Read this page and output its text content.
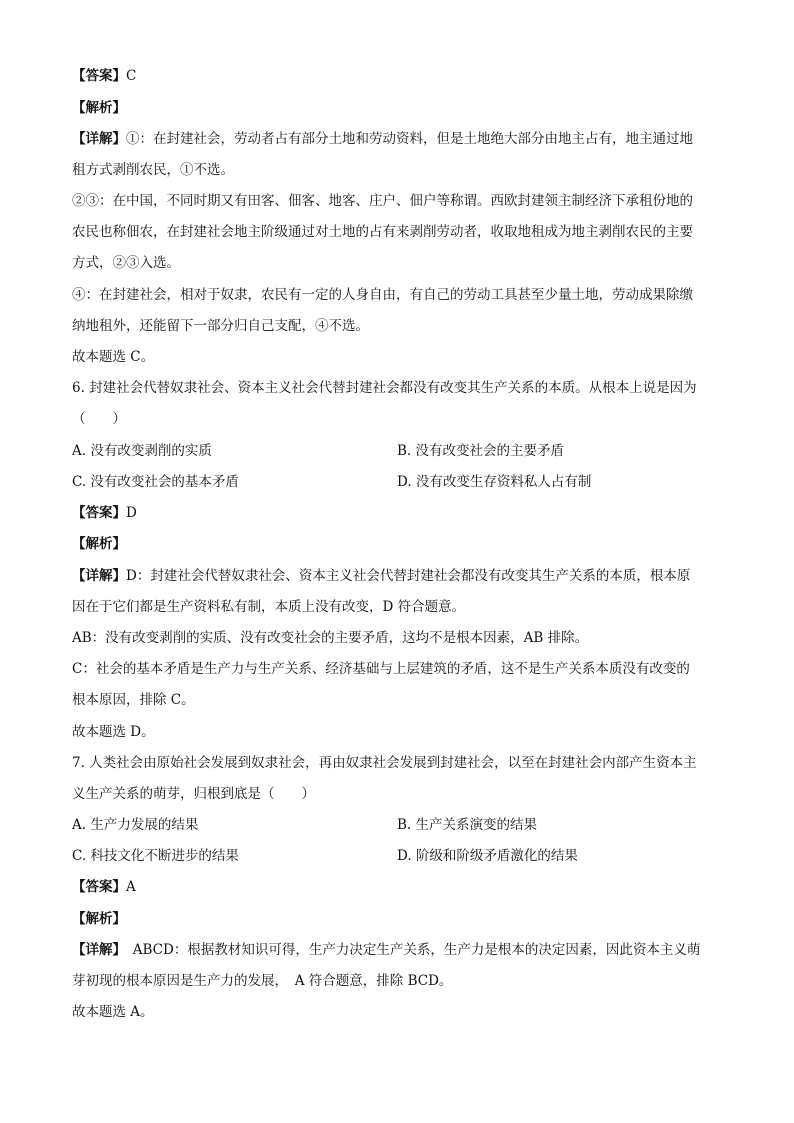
【答案】C
【解析】
【详解】①：在封建社会，劳动者占有部分土地和劳动资料，但是土地绝大部分由地主占有，地主通过地
租方式剥削农民，①不选。
②③：在中国，不同时期又有田客、佃客、地客、庄户、佃户等称谓。西欧封建领主制经济下承租份地的
农民也称佃农，在封建社会地主阶级通过对土地的占有来剥削劳动者，收取地租成为地主剥削农民的主要
方式，②③入选。
④：在封建社会，相对于奴隶，农民有一定的人身自由，有自己的劳动工具甚至少量土地，劳动成果除缴
纳地租外，还能留下一部分归自己支配，④不选。
故本题选 C。
6. 封建社会代替奴隶社会、资本主义社会代替封建社会都没有改变其生产关系的本质。从根本上说是因为
（　　）
A. 没有改变剥削的实质	B. 没有改变社会的主要矛盾
C. 没有改变社会的基本矛盾	D. 没有改变生存资料私人占有制
【答案】D
【解析】
【详解】D：封建社会代替奴隶社会、资本主义社会代替封建社会都没有改变其生产关系的本质，根本原
因在于它们都是生产资料私有制，本质上没有改变，D 符合题意。
AB：没有改变剥削的实质、没有改变社会的主要矛盾，这均不是根本因素，AB 排除。
C：社会的基本矛盾是生产力与生产关系、经济基础与上层建筑的矛盾，这不是生产关系本质没有改变的
根本原因，排除 C。
故本题选 D。
7. 人类社会由原始社会发展到奴隶社会，再由奴隶社会发展到封建社会，以至在封建社会内部产生资本主
义生产关系的萌芽，归根到底是（　　）
A. 生产力发展的结果	B. 生产关系演变的结果
C. 科技文化不断进步的结果	D. 阶级和阶级矛盾激化的结果
【答案】A
【解析】
【详解】　ABCD：根据教材知识可得，生产力决定生产关系，生产力是根本的决定因素，因此资本主义萌
芽初现的根本原因是生产力的发展，　A 符合题意，排除 BCD。
故本题选 A。
